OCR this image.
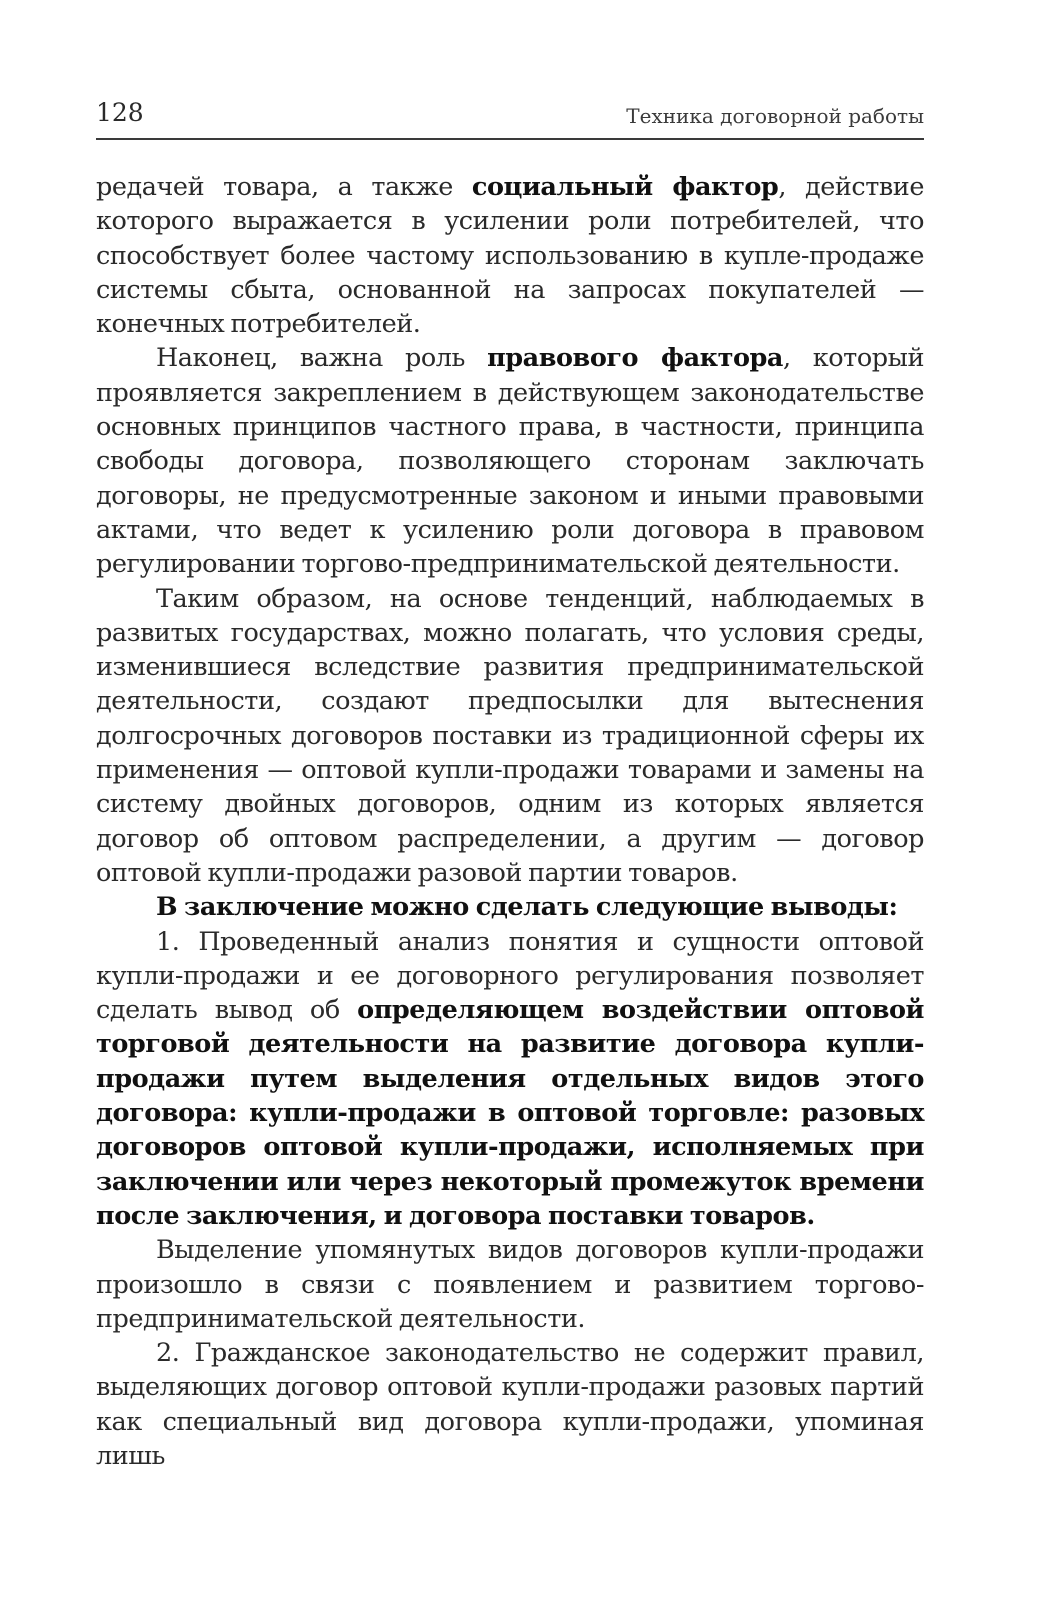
128	Техника договорной работы

редачей товара, а также социальный фактор, действие которого выражается в усилении роли потребителей, что способствует более частому использованию в купле-продаже системы сбыта, основанной на запросах покупателей — конечных потребителей.

Наконец, важна роль правового фактора, который проявляется закреплением в действующем законодательстве основных принципов частного права, в частности, принципа свободы договора, позволяющего сторонам заключать договоры, не предусмотренные законом и иными правовыми актами, что ведет к усилению роли договора в правовом регулировании торгово-предпринимательской деятельности.

Таким образом, на основе тенденций, наблюдаемых в развитых государствах, можно полагать, что условия среды, изменившиеся вследствие развития предпринимательской деятельности, создают предпосылки для вытеснения долгосрочных договоров поставки из традиционной сферы их применения — оптовой купли-продажи товарами и замены на систему двойных договоров, одним из которых является договор об оптовом распределении, а другим — договор оптовой купли-продажи разовой партии товаров.

В заключение можно сделать следующие выводы:

1. Проведенный анализ понятия и сущности оптовой купли-продажи и ее договорного регулирования позволяет сделать вывод об определяющем воздействии оптовой торговой деятельности на развитие договора купли-продажи путем выделения отдельных видов этого договора: купли-продажи в оптовой торговле: разовых договоров оптовой купли-продажи, исполняемых при заключении или через некоторый промежуток времени после заключения, и договора поставки товаров.

Выделение упомянутых видов договоров купли-продажи произошло в связи с появлением и развитием торгово-предпринимательской деятельности.

2. Гражданское законодательство не содержит правил, выделяющих договор оптовой купли-продажи разовых партий как специальный вид договора купли-продажи, упоминая лишь
